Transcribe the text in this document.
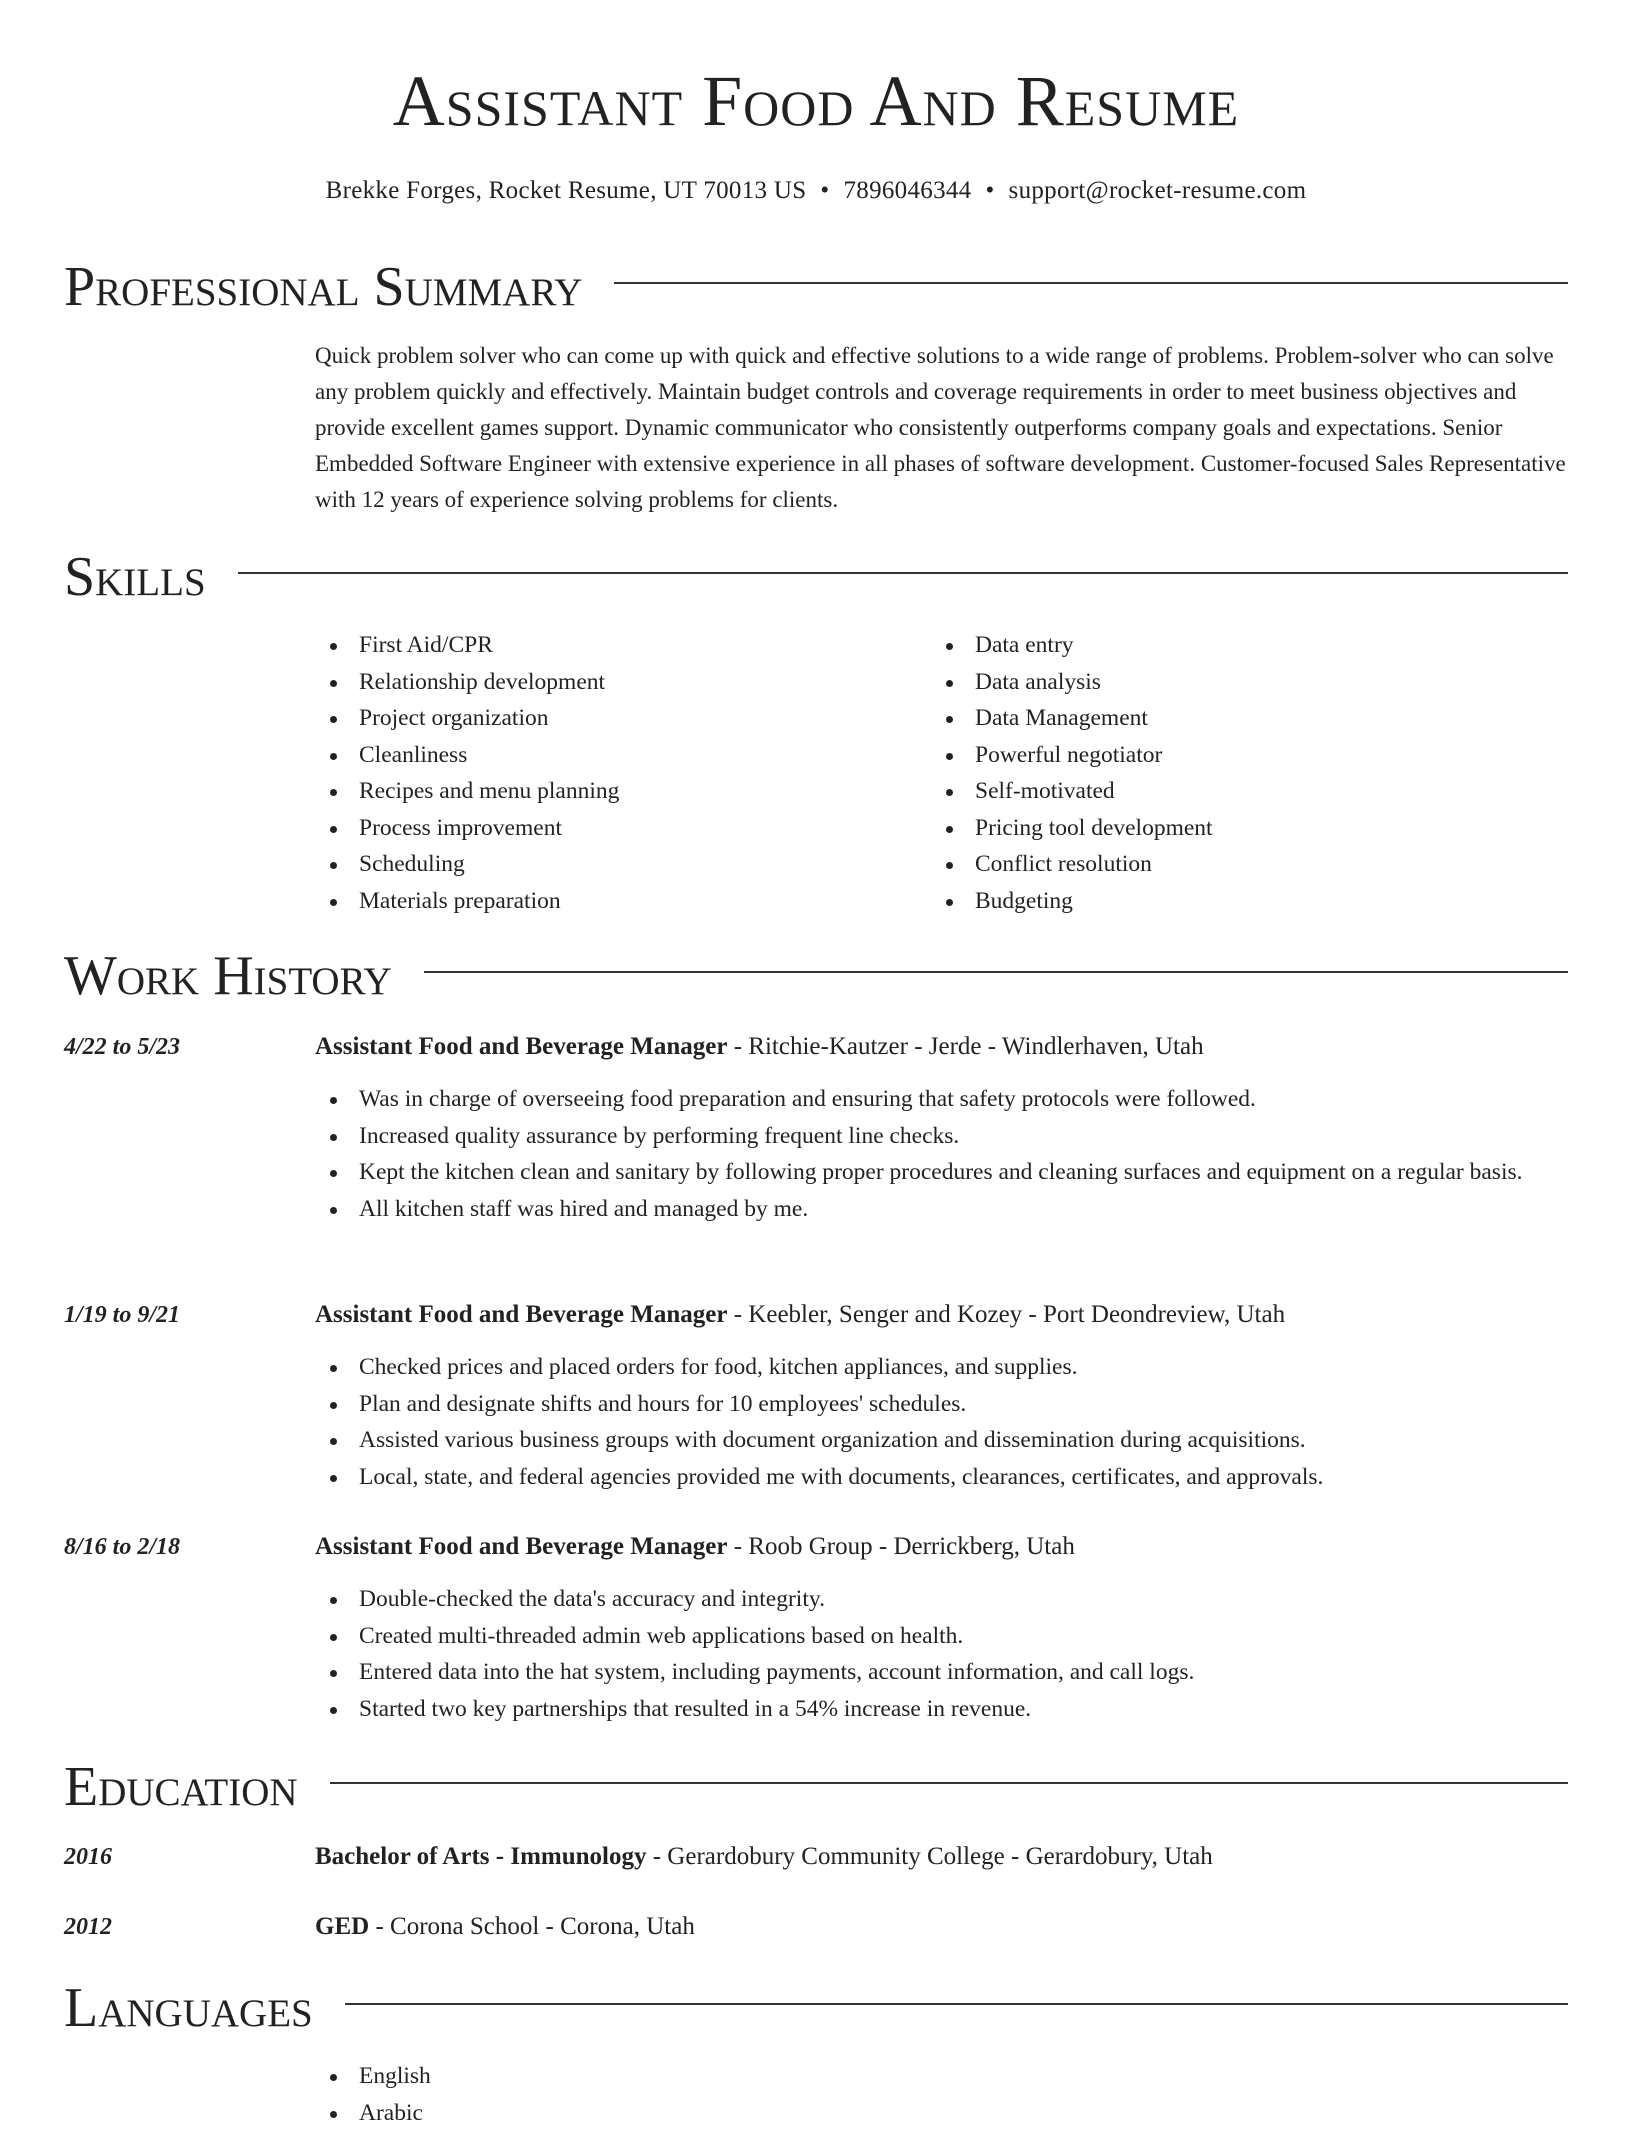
Assistant Food And Resume
Brekke Forges, Rocket Resume, UT 70013 US • 7896046344 • support@rocket-resume.com
Professional Summary

Quick problem solver who can come up with quick and effective solutions to a wide range of problems. Problem-solver who can solve any problem quickly and effectively. Maintain budget controls and coverage requirements in order to meet business objectives and provide excellent games support. Dynamic communicator who consistently outperforms company goals and expectations. Senior Embedded Software Engineer with extensive experience in all phases of software development. Customer-focused Sales Representative with 12 years of experience solving problems for clients.

Skills
First Aid/CPR
Relationship development
Project organization
Cleanliness
Recipes and menu planning
Process improvement
Scheduling
Materials preparation
Data entry
Data analysis
Data Management
Powerful negotiator
Self-motivated
Pricing tool development
Conflict resolution
Budgeting
Work History
4/22 to 5/23	Assistant Food and Beverage Manager - Ritchie-Kautzer - Jerde - Windlerhaven, Utah
Was in charge of overseeing food preparation and ensuring that safety protocols were followed.
Increased quality assurance by performing frequent line checks.
Kept the kitchen clean and sanitary by following proper procedures and cleaning surfaces and equipment on a regular basis.
All kitchen staff was hired and managed by me.
1/19 to 9/21	Assistant Food and Beverage Manager - Keebler, Senger and Kozey - Port Deondreview, Utah
Checked prices and placed orders for food, kitchen appliances, and supplies.
Plan and designate shifts and hours for 10 employees' schedules.
Assisted various business groups with document organization and dissemination during acquisitions.
Local, state, and federal agencies provided me with documents, clearances, certificates, and approvals.
8/16 to 2/18	Assistant Food and Beverage Manager - Roob Group - Derrickberg, Utah
Double-checked the data's accuracy and integrity.
Created multi-threaded admin web applications based on health.
Entered data into the hat system, including payments, account information, and call logs.
Started two key partnerships that resulted in a 54% increase in revenue.
Education
2016	Bachelor of Arts - Immunology - Gerardobury Community College - Gerardobury, Utah
2012	GED - Corona School - Corona, Utah
Languages
English
Arabic
